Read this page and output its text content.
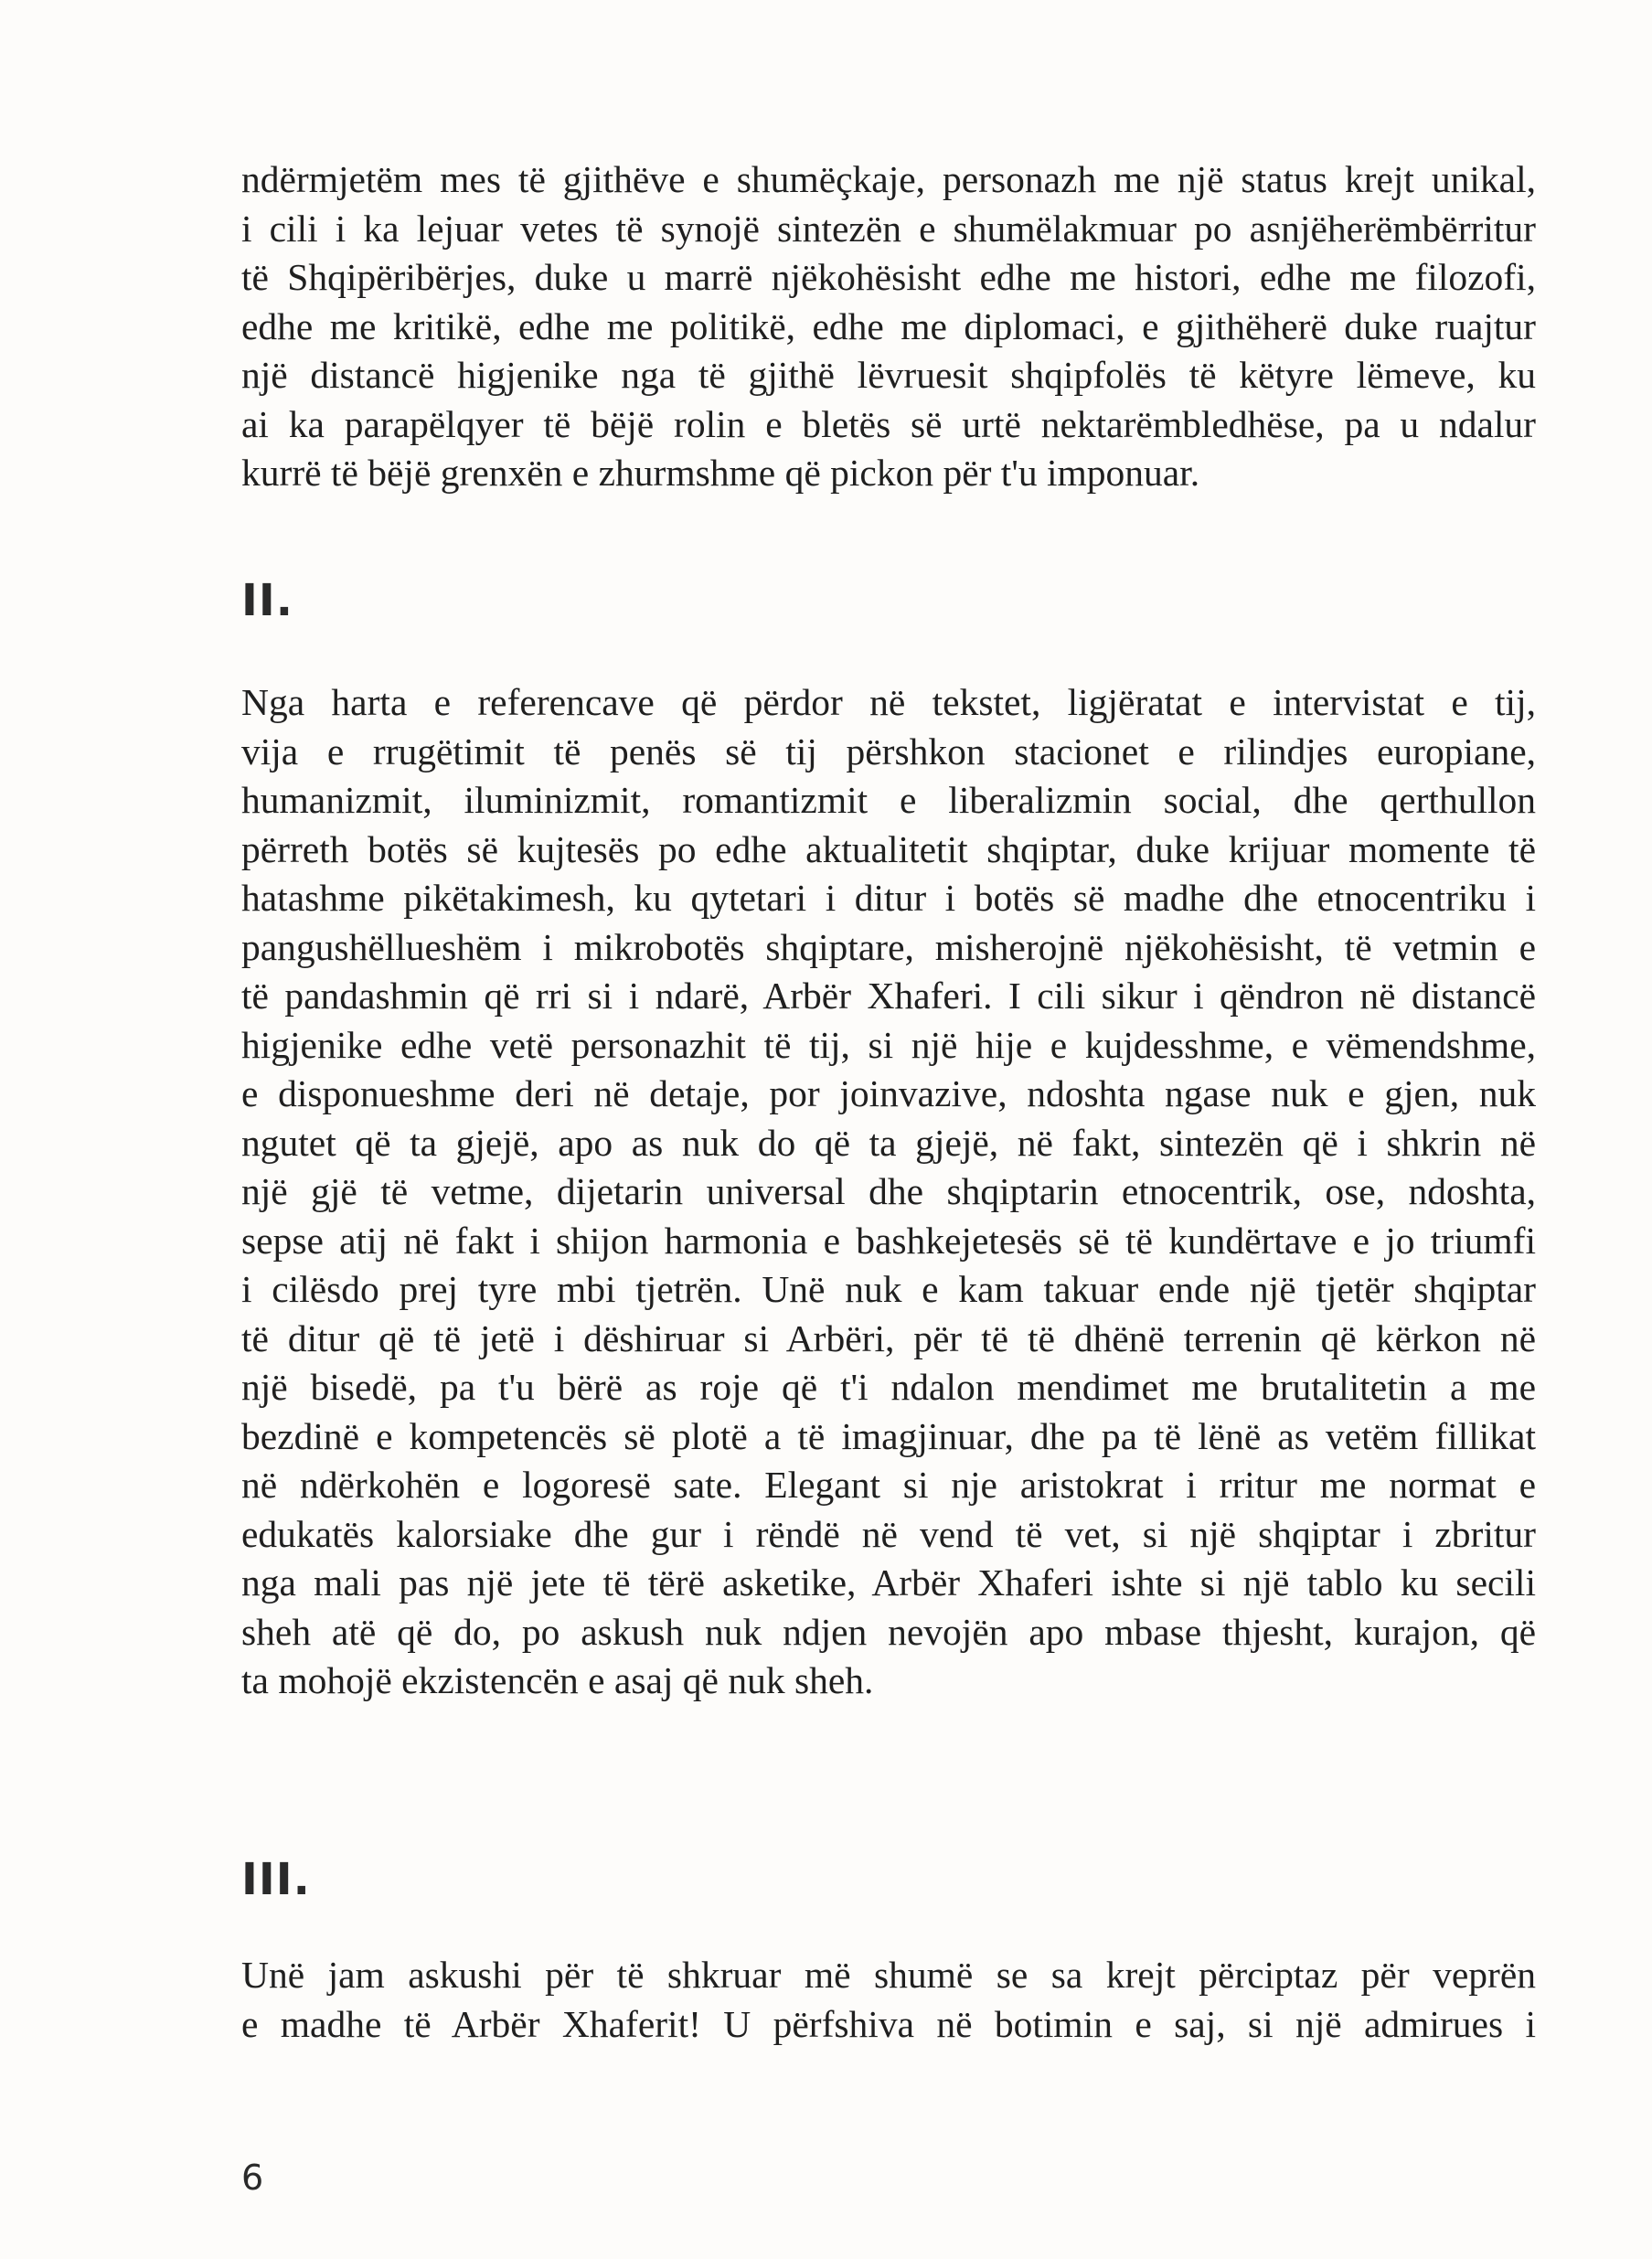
ndërmjetëm mes të gjithëve e shumëçkaje, personazh me një status krejt unikal,
i cili i ka lejuar vetes të synojë sintezën e shumëlakmuar po asnjëherëmbërritur
të Shqipëribërjes, duke u marrë njëkohësisht edhe me histori, edhe me filozofi,
edhe me kritikë, edhe me politikë, edhe me diplomaci, e gjithëherë duke ruajtur
një distancë higjenike nga të gjithë lëvruesit shqipfolës të këtyre lëmeve, ku
ai ka parapëlqyer të bëjë rolin e bletës së urtë nektarëmbledhëse, pa u ndalur
kurrë të bëjë grenxën e zhurmshme që pickon për t'u imponuar.
II.
Nga harta e referencave që përdor në tekstet, ligjëratat e intervistat e tij,
vija e rrugëtimit të penës së tij përshkon stacionet e rilindjes europiane,
humanizmit, iluminizmit, romantizmit e liberalizmin social, dhe qerthullon
përreth botës së kujtesës po edhe aktualitetit shqiptar, duke krijuar momente të
hatashme pikëtakimesh, ku qytetari i ditur i botës së madhe dhe etnocentriku i
pangushëllueshëm i mikrobotës shqiptare, misherojnë njëkohësisht, të vetmin e
të pandashmin që rri si i ndarë, Arbër Xhaferi. I cili sikur i qëndron në distancë
higjenike edhe vetë personazhit të tij, si një hije e kujdesshme, e vëmendshme,
e disponueshme deri në detaje, por joinvazive, ndoshta ngase nuk e gjen, nuk
ngutet që ta gjejë, apo as nuk do që ta gjejë, në fakt, sintezën që i shkrin në
një gjë të vetme, dijetarin universal dhe shqiptarin etnocentrik, ose, ndoshta,
sepse atij në fakt i shijon harmonia e bashkejetesës së të kundërtave e jo triumfi
i cilësdo prej tyre mbi tjetrën. Unë nuk e kam takuar ende një tjetër shqiptar
të ditur që të jetë i dëshiruar si Arbëri, për të të dhënë terrenin që kërkon në
një bisedë, pa t'u bërë as roje që t'i ndalon mendimet me brutalitetin a me
bezdinë e kompetencës së plotë a të imagjinuar, dhe pa të lënë as vetëm fillikat
në ndërkohën e logoresë sate. Elegant si nje aristokrat i rritur me normat e
edukatës kalorsiake dhe gur i rëndë në vend të vet, si një shqiptar i zbritur
nga mali pas një jete të tërë asketike, Arbër Xhaferi ishte si një tablo ku secili
sheh atë që do, po askush nuk ndjen nevojën apo mbase thjesht, kurajon, që
ta mohojë ekzistencën e asaj që nuk sheh.
III.
Unë jam askushi për të shkruar më shumë se sa krejt përciptaz për veprën
e madhe të Arbër Xhaferit! U përfshiva në botimin e saj, si një admirues i
6
